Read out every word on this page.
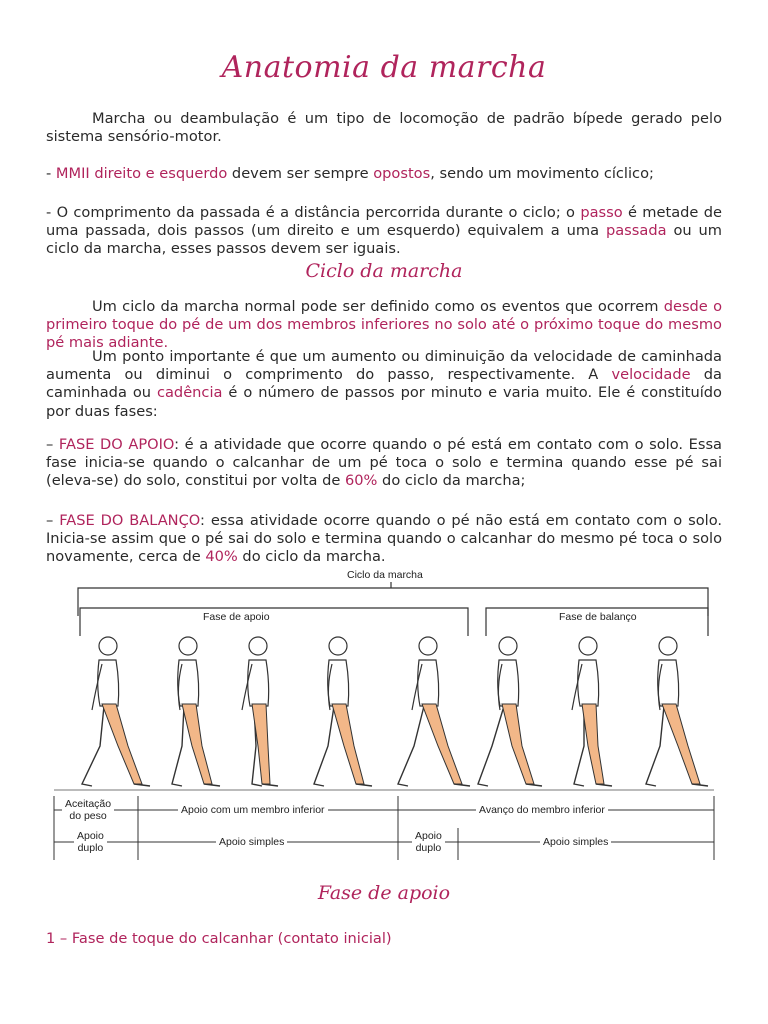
Anatomia da marcha

Marcha ou deambulação é um tipo de locomoção de padrão bípede gerado pelo sistema sensório-motor.

- MMII direito e esquerdo devem ser sempre opostos, sendo um movimento cíclico;

- O comprimento da passada é a distância percorrida durante o ciclo; o passo é metade de uma passada, dois passos (um direito e um esquerdo) equivalem a uma passada ou um ciclo da marcha, esses passos devem ser iguais.

Ciclo da marcha

Um ciclo da marcha normal pode ser definido como os eventos que ocorrem desde o primeiro toque do pé de um dos membros inferiores no solo até o próximo toque do mesmo pé mais adiante.

Um ponto importante é que um aumento ou diminuição da velocidade de caminhada aumenta ou diminui o comprimento do passo, respectivamente. A velocidade da caminhada ou cadência é o número de passos por minuto e varia muito. Ele é constituído por duas fases:

– FASE DO APOIO: é a atividade que ocorre quando o pé está em contato com o solo. Essa fase inicia-se quando o calcanhar de um pé toca o solo e termina quando esse pé sai (eleva-se) do solo, constitui por volta de 60% do ciclo da marcha;

– FASE DO BALANÇO: essa atividade ocorre quando o pé não está em contato com o solo. Inicia-se assim que o pé sai do solo e termina quando o calcanhar do mesmo pé toca o solo novamente, cerca de 40% do ciclo da marcha.

Ciclo da marcha
Fase de apoio	Fase de balanço
Aceitação
do peso	Apoio com um membro inferior	Avanço do membro inferior
Apoio
duplo	Apoio simples	Apoio
duplo	Apoio simples
Fase de apoio
1 – Fase de toque do calcanhar (contato inicial)
